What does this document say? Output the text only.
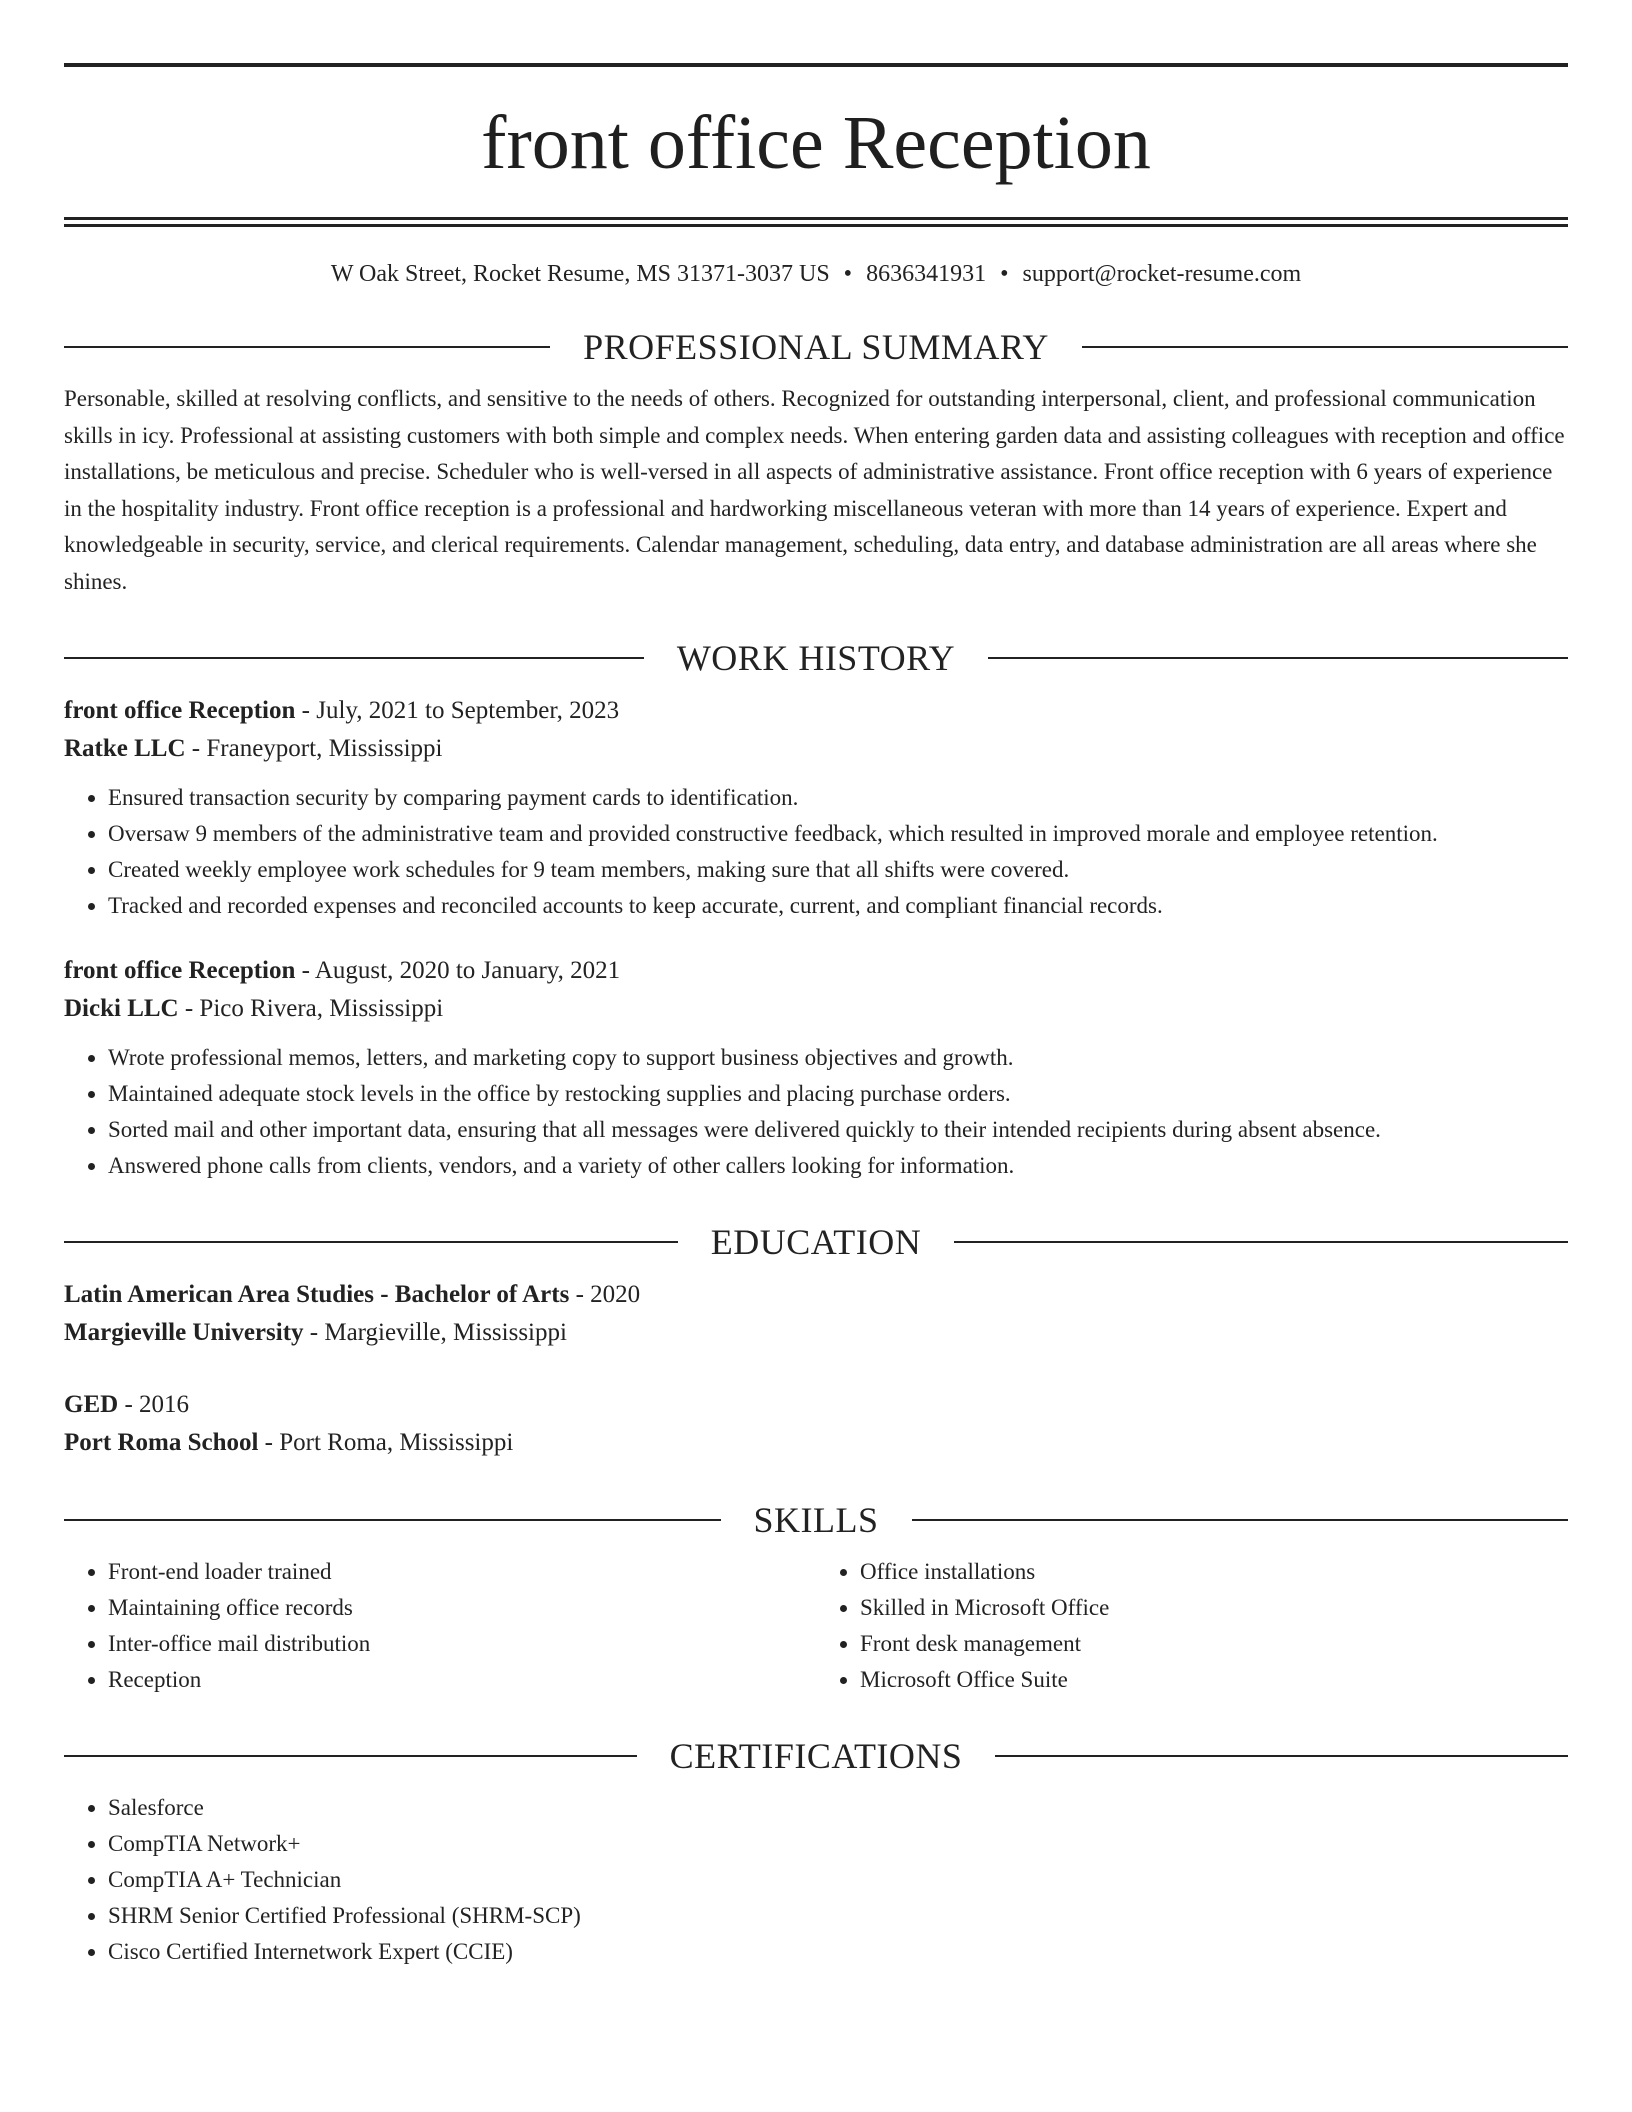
front office Reception
W Oak Street, Rocket Resume, MS 31371-3037 US • 8636341931 • support@rocket-resume.com
PROFESSIONAL SUMMARY

Personable, skilled at resolving conflicts, and sensitive to the needs of others. Recognized for outstanding interpersonal, client, and professional communication skills in icy. Professional at assisting customers with both simple and complex needs. When entering garden data and assisting colleagues with reception and office installations, be meticulous and precise. Scheduler who is well-versed in all aspects of administrative assistance. Front office reception with 6 years of experience in the hospitality industry. Front office reception is a professional and hardworking miscellaneous veteran with more than 14 years of experience. Expert and knowledgeable in security, service, and clerical requirements. Calendar management, scheduling, data entry, and database administration are all areas where she shines.

WORK HISTORY
front office Reception - July, 2021 to September, 2023
Ratke LLC - Franeyport, Mississippi
• Ensured transaction security by comparing payment cards to identification.
• Oversaw 9 members of the administrative team and provided constructive feedback, which resulted in improved morale and employee retention.
• Created weekly employee work schedules for 9 team members, making sure that all shifts were covered.
• Tracked and recorded expenses and reconciled accounts to keep accurate, current, and compliant financial records.
front office Reception - August, 2020 to January, 2021
Dicki LLC - Pico Rivera, Mississippi
• Wrote professional memos, letters, and marketing copy to support business objectives and growth.
• Maintained adequate stock levels in the office by restocking supplies and placing purchase orders.
• Sorted mail and other important data, ensuring that all messages were delivered quickly to their intended recipients during absent absence.
• Answered phone calls from clients, vendors, and a variety of other callers looking for information.
EDUCATION
Latin American Area Studies - Bachelor of Arts - 2020
Margieville University - Margieville, Mississippi
GED - 2016
Port Roma School - Port Roma, Mississippi
SKILLS
• Front-end loader trained
• Maintaining office records
• Inter-office mail distribution
• Reception
• Office installations
• Skilled in Microsoft Office
• Front desk management
• Microsoft Office Suite
CERTIFICATIONS
• Salesforce
• CompTIA Network+
• CompTIA A+ Technician
• SHRM Senior Certified Professional (SHRM-SCP)
• Cisco Certified Internetwork Expert (CCIE)
